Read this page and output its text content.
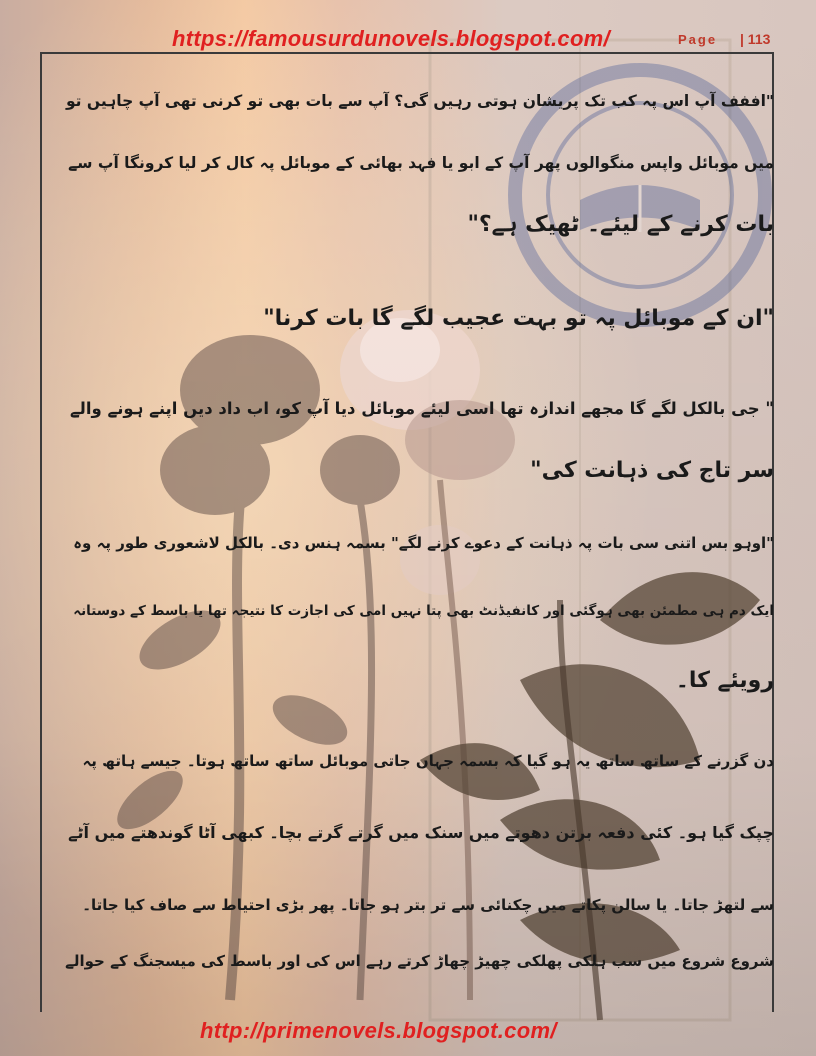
https://famousurdunovels.blogspot.com/	Page | 113
"اففف آپ اس پہ کب تک پریشان ہوتی رہیں گی؟ آپ سے بات بھی تو کرنی تھی آپ چاہیں تو
میں موبائل واپس منگوالوں پھر آپ کے ابو یا فہد بھائی کے موبائل پہ کال کر لیا کرونگا آپ سے
بات کرنے کے لیئے۔ ٹھیک ہے؟"
"ان کے موبائل پہ تو بہت عجیب لگے گا بات کرنا"
" جی بالکل لگے گا مجھے اندازہ تھا اسی لیئے موبائل دیا آپ کو، اب داد دیں اپنے ہونے والے
سر تاج کی ذہانت کی"
"اوہو بس اتنی سی بات پہ ذہانت کے دعوے کرنے لگے" بسمہ ہنس دی۔ بالکل لاشعوری طور پہ وہ
ایک دم ہی مطمئن بھی ہوگئی اور کانفیڈنٹ بھی پتا نہیں امی کی اجازت کا نتیجہ تھا یا باسط کے دوستانہ
رویئے کا۔
دن گزرنے کے ساتھ ساتھ یہ ہو گیا کہ بسمہ جہاں جاتی موبائل ساتھ ساتھ ہوتا۔ جیسے ہاتھ پہ
چپک گیا ہو۔ کئی دفعہ برتن دھوتے میں سنک میں گرتے گرتے بچا۔ کبھی آٹا گوندھتے میں آٹے
سے لتھڑ جاتا۔ یا سالن پکاتے میں چکنائی سے تر بتر ہو جاتا۔ پھر بڑی احتیاط سے صاف کیا جاتا۔
شروع شروع میں سب ہلکی پھلکی چھیڑ چھاڑ کرتے رہے اس کی اور باسط کی میسجنگ کے حوالے
http://primenovels.blogspot.com/
